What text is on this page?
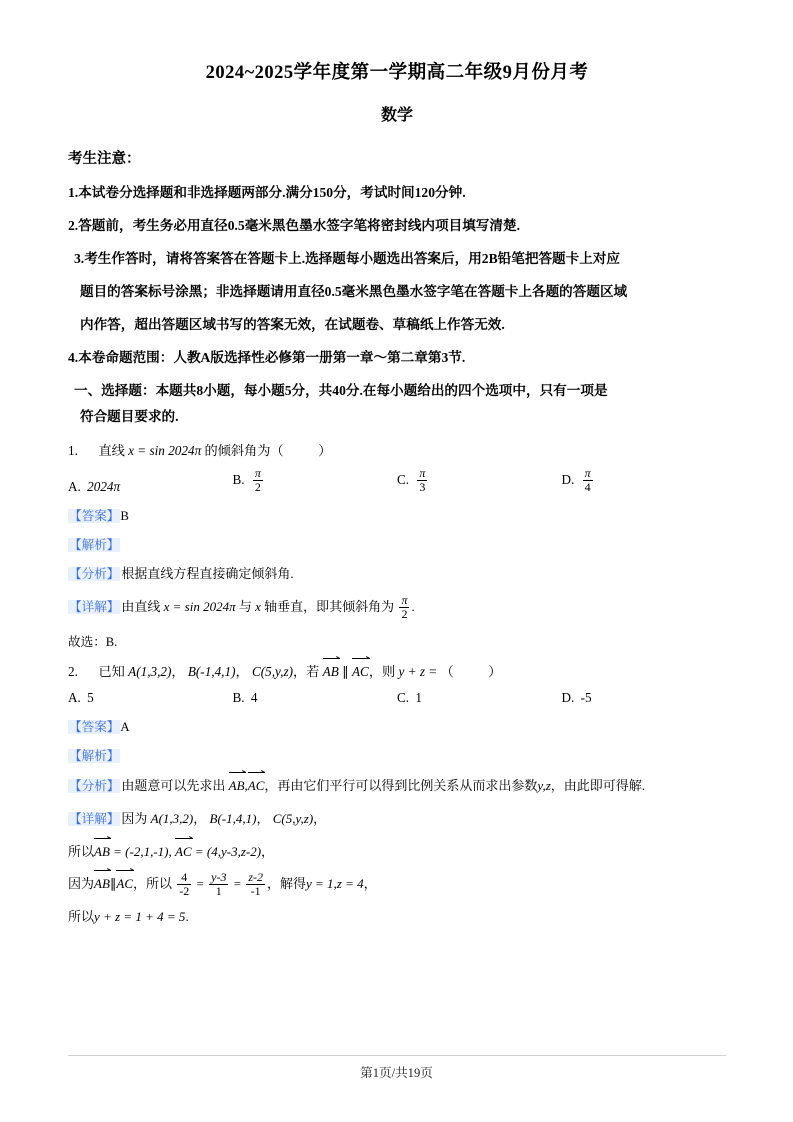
2024~2025学年度第一学期高二年级9月份月考
数学
考生注意：
1.本试卷分选择题和非选择题两部分.满分150分，考试时间120分钟.
2.答题前，考生务必用直径0.5毫米黑色墨水签字笔将密封线内项目填写清楚.
3.考生作答时，请将答案答在答题卡上.选择题每小题选出答案后，用2B铅笔把答题卡上对应
题目的答案标号涂黑；非选择题请用直径0.5毫米黑色墨水签字笔在答题卡上各题的答题区域
内作答，超出答题区域书写的答案无效，在试题卷、草稿纸上作答无效.
4.本卷命题范围：人教A版选择性必修第一册第一章～第二章第3节.
一、选择题：本题共8小题，每小题5分，共40分.在每小题给出的四个选项中，只有一项是
符合题目要求的.
1. 直线 x = sin 2024π 的倾斜角为（	）
A. 2024π	B. $\frac{\pi}{2}$	C. $\frac{\pi}{3}$	D. $\frac{\pi}{4}$
【答案】B
【解析】
【分析】 根据直线方程直接确定倾斜角.
【详解】 由直线 x = sin 2024π 与 x 轴垂直，即其倾斜角为 $\frac{\pi}{2}$ .
故选：B.
2. 已知 A(1,3,2)， B(-1,4,1)， C(5,y,z)，若 AB ∥ AC，则 y + z = （	）
A. 5	B. 4	C. 1	D. -5
【答案】A
【解析】
【分析】 由题意可以先求出 AB,AC，再由它们平行可以得到比例关系从而求出参数y,z，由此即可得解.
【详解】 因为 A(1,3,2)， B(-1,4,1)， C(5,y,z)，
所以AB = (-2,1,-1), AC = (4,y-3,z-2)，
因为AB∥AC，所以 $\frac{4}{-2} = \frac{y-3}{1} = \frac{z-2}{-1}$ ，解得y = 1,z = 4，
所以y + z = 1 + 4 = 5.
第1页/共19页
